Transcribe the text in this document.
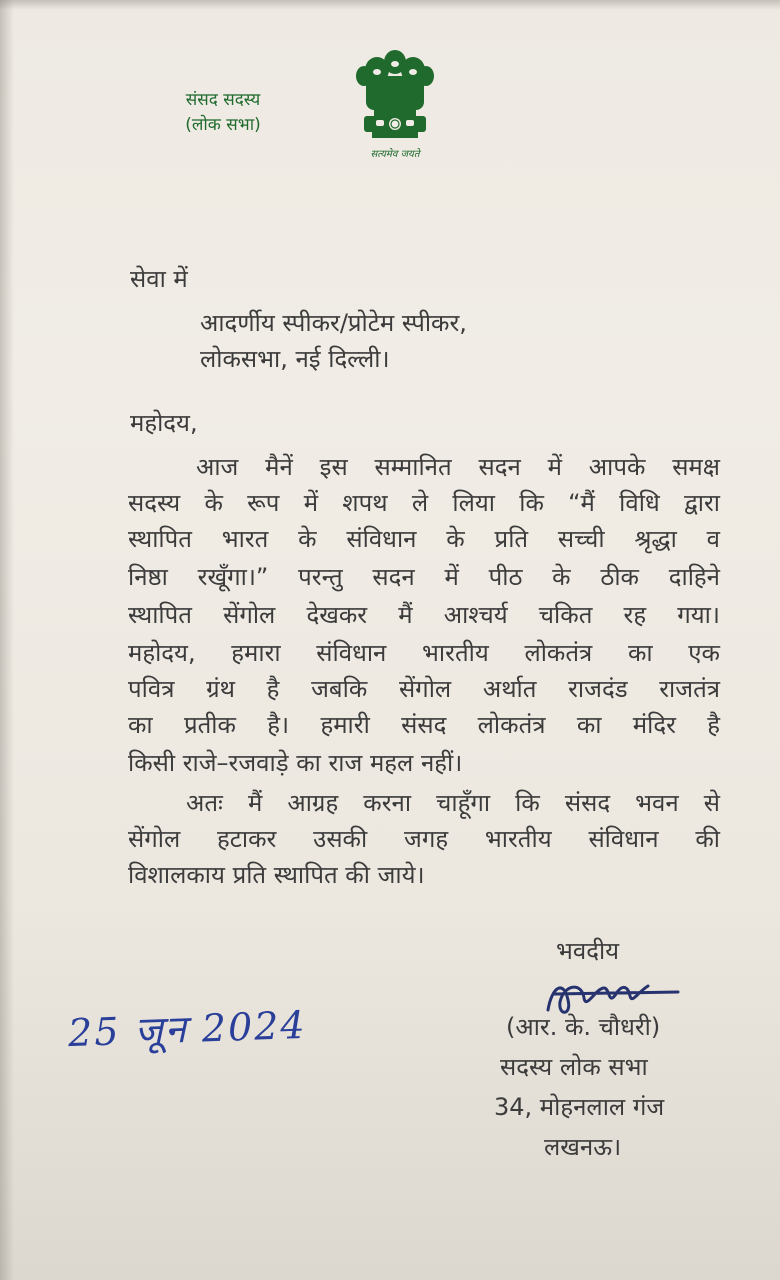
संसद सदस्य
(लोक सभा)
सत्यमेव जयते
सेवा में
आदर्णीय स्पीकर/प्रोटेम स्पीकर,
लोकसभा, नई दिल्ली।
महोदय,
आज मैनें इस सम्मानित सदन में आपके समक्ष
सदस्य के रूप में शपथ ले लिया कि “मैं विधि द्वारा
स्थापित भारत के संविधान के प्रति सच्ची श्रृद्धा व
निष्ठा रखूँगा।” परन्तु सदन में पीठ के ठीक दाहिने
स्थापित सेंगोल देखकर मैं आश्चर्य चकित रह गया।
महोदय, हमारा संविधान भारतीय लोकतंत्र का एक
पवित्र ग्रंथ है जबकि सेंगोल अर्थात राजदंड राजतंत्र
का प्रतीक है। हमारी संसद लोकतंत्र का मंदिर है
किसी राजे–रजवाड़े का राज महल नहीं।
अतः मैं आग्रह करना चाहूँगा कि संसद भवन से
सेंगोल हटाकर उसकी जगह भारतीय संविधान की
विशालकाय प्रति स्थापित की जाये।
भवदीय
25 जून 2024	(आर. के. चौधरी)
सदस्य लोक सभा
34, मोहनलाल गंज
लखनऊ।
